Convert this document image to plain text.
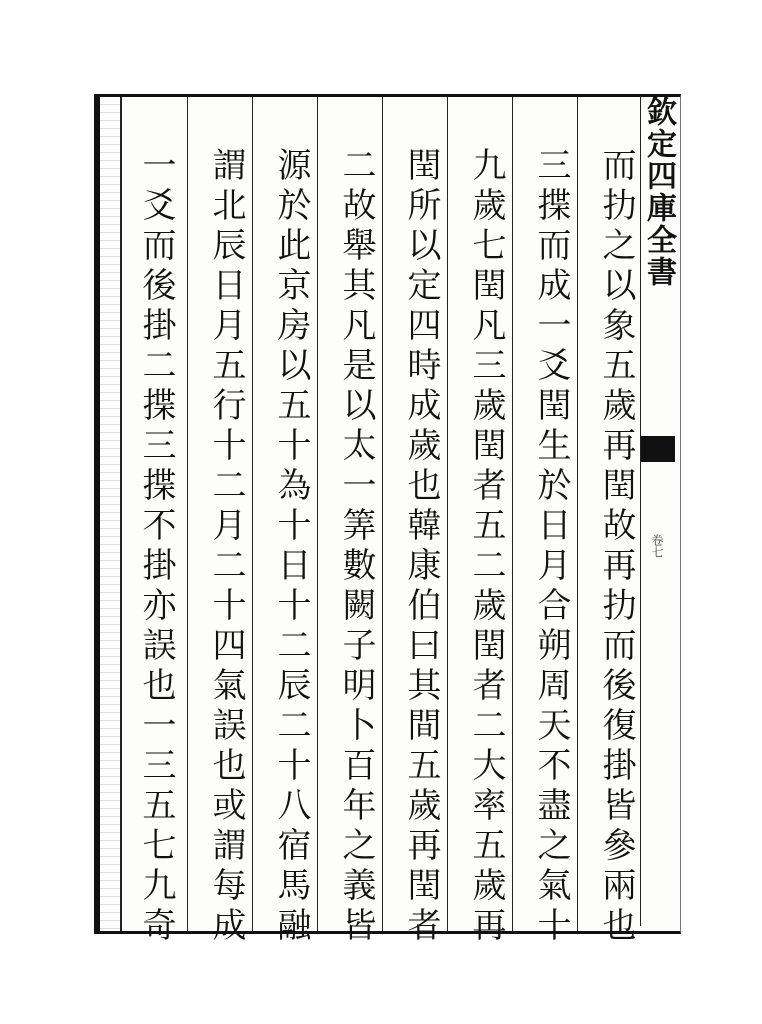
而扐之以象五歲再閏故再扐而後復掛皆參兩也
三揲而成一爻閏生於日月合朔周天不盡之氣十
九歲七閏凡三歲閏者五二歲閏者二大率五歲再
閏所以定四時成歲也韓康伯曰其間五歲再閏者
二故舉其凡是以太一筭數闕子明卜百年之義皆
源於此京房以五十為十日十二辰二十八宿馬融
謂北辰日月五行十二月二十四氣誤也或謂每成
一爻而後掛二揲三揲不掛亦誤也一三五七九奇	欽定四庫全書
卷七
